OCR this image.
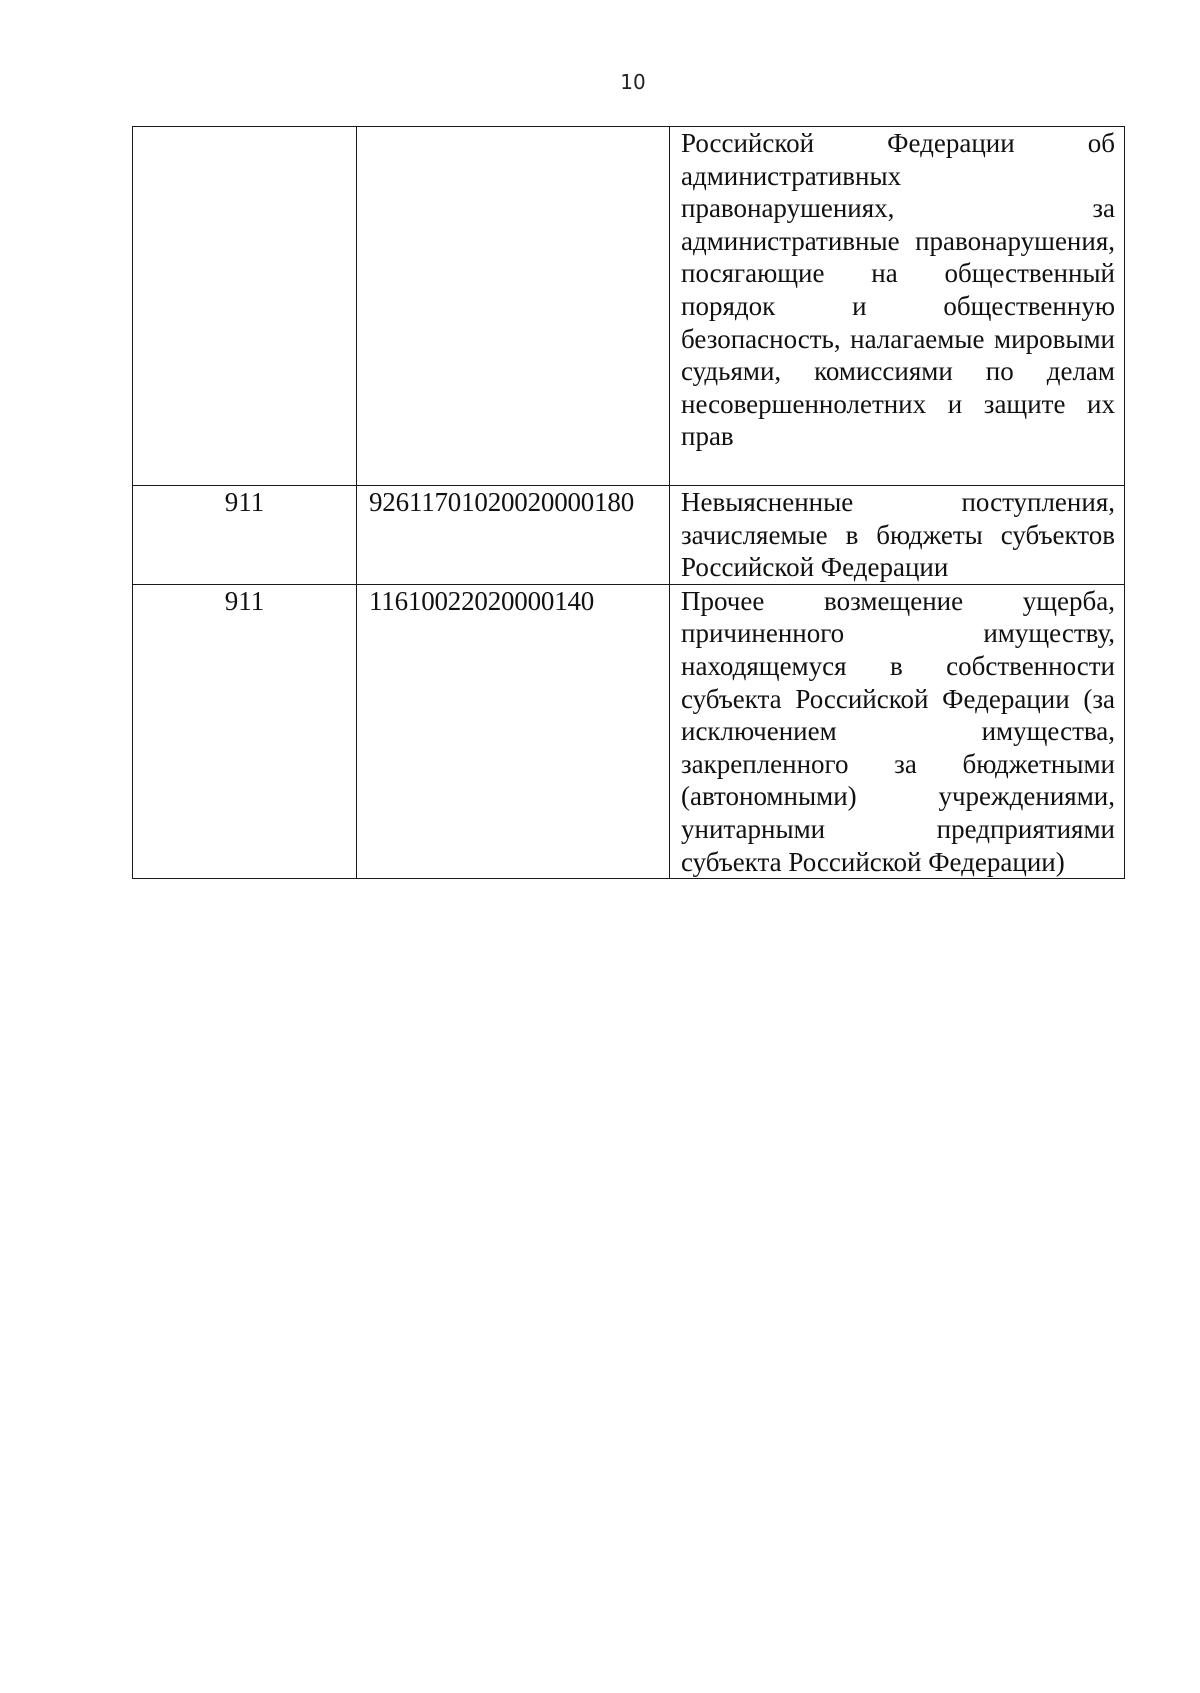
10

		Российской Федерации об административных правонарушениях, за административные правонарушения, посягающие на общественный порядок и общественную безопасность, налагаемые мировыми судьями, комиссиями по делам несовершеннолетних и защите их прав

911	92611701020020000180	Невыясненные поступления, зачисляемые в бюджеты субъектов Российской Федерации

911	11610022020000140	Прочее возмещение ущерба, причиненного имуществу, находящемуся в собственности субъекта Российской Федерации (за исключением имущества, закрепленного за бюджетными (автономными) учреждениями, унитарными предприятиями субъекта Российской Федерации)
